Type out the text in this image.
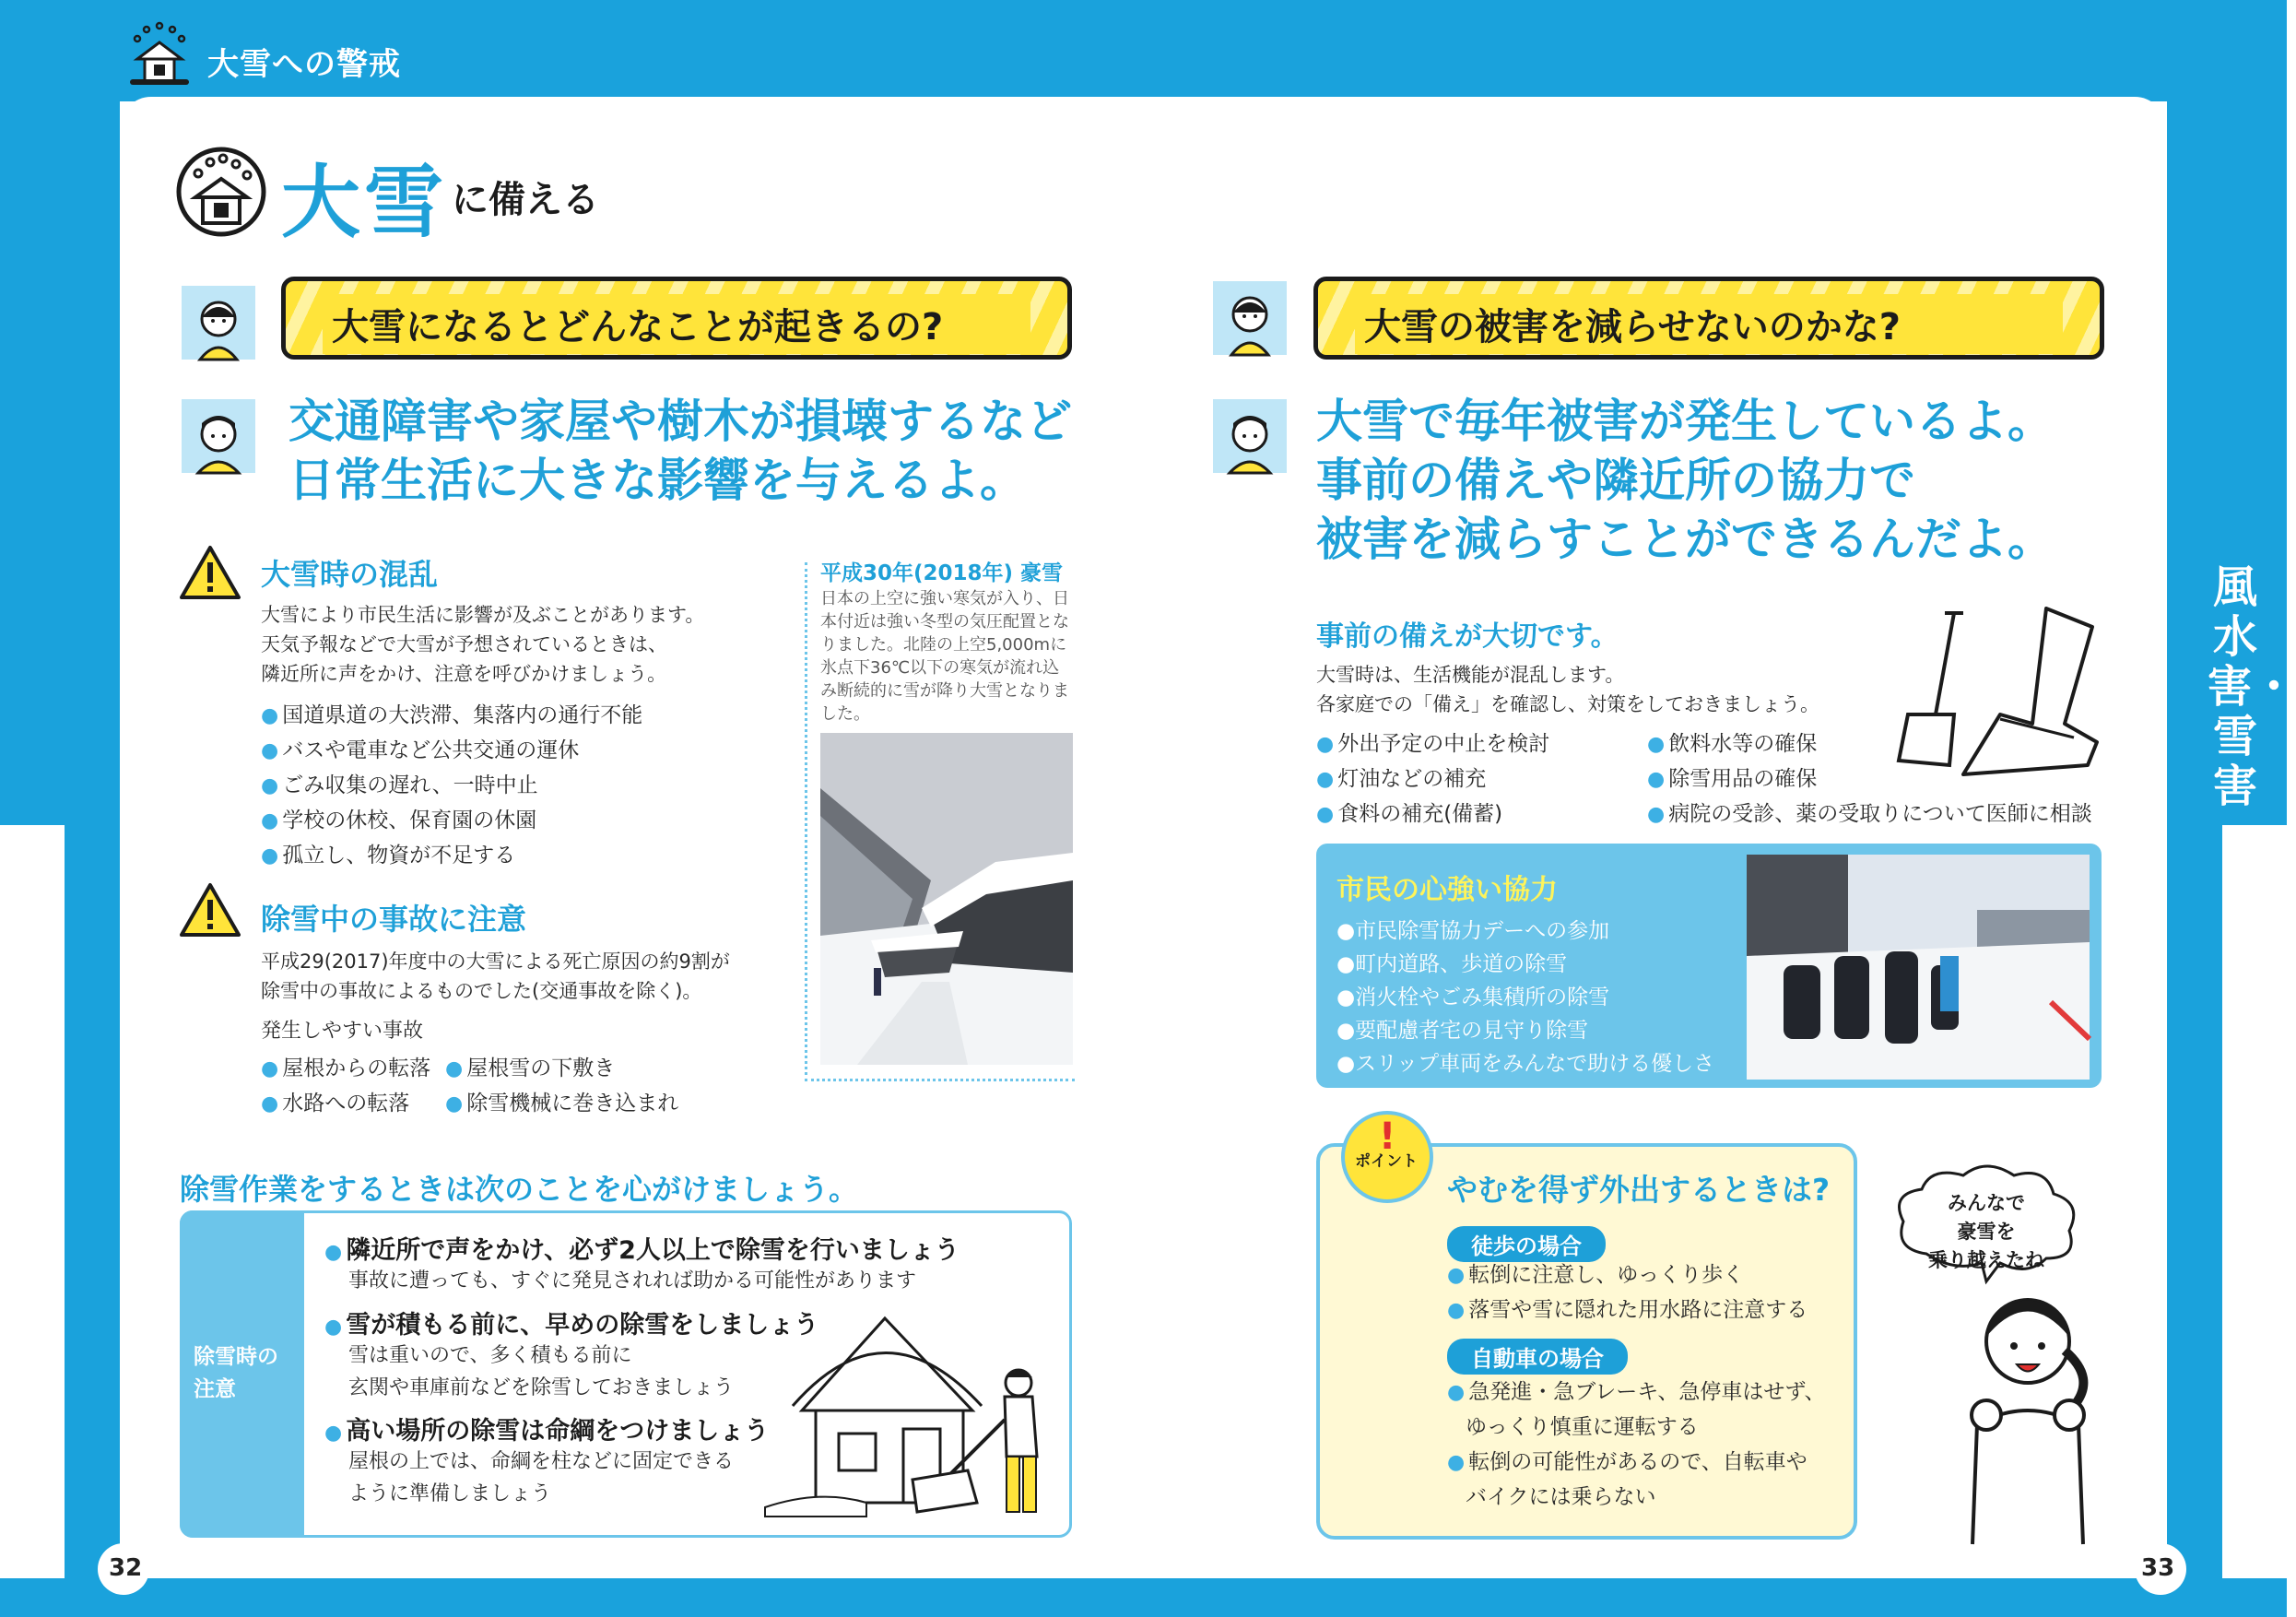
大雪への警戒
32	33
風水害・雪害
大雪 に備える
大雪になるとどんなことが起きるの?
交通障害や家屋や樹木が損壊するなど
日常生活に大きな影響を与えるよ。
大雪時の混乱
大雪により市民生活に影響が及ぶことがあります。
天気予報などで大雪が予想されているときは、
隣近所に声をかけ、注意を呼びかけましょう。
● 国道県道の大渋滞、集落内の通行不能
● バスや電車など公共交通の運休
● ごみ収集の遅れ、一時中止
● 学校の休校、保育園の休園
● 孤立し、物資が不足する
除雪中の事故に注意
平成29(2017)年度中の大雪による死亡原因の約9割が
除雪中の事故によるものでした(交通事故を除く)。
発生しやすい事故
● 屋根からの転落 ● 屋根雪の下敷き
● 水路への転落 ● 除雪機械に巻き込まれ
平成30年(2018年) 豪雪
日本の上空に強い寒気が入り、日本付近は強い冬型の気圧配置となりました。北陸の上空5,000mに氷点下36℃以下の寒気が流れ込み断続的に雪が降り大雪となりました。
除雪作業をするときは次のことを心がけましょう。
除雪時の
注意
● 隣近所で声をかけ、必ず2人以上で除雪を行いましょう
事故に遭っても、すぐに発見されれば助かる可能性があります
● 雪が積もる前に、早めの除雪をしましょう
雪は重いので、多く積もる前に
玄関や車庫前などを除雪しておきましょう
● 高い場所の除雪は命綱をつけましょう
屋根の上では、命綱を柱などに固定できる
ように準備しましょう
大雪の被害を減らせないのかな?
大雪で毎年被害が発生しているよ。
事前の備えや隣近所の協力で
被害を減らすことができるんだよ。
事前の備えが大切です。
大雪時は、生活機能が混乱します。
各家庭での「備え」を確認し、対策をしておきましょう。
● 外出予定の中止を検討
● 灯油などの補充
● 食料の補充(備蓄)
● 飲料水等の確保
● 除雪用品の確保
● 病院の受診、薬の受取りについて医師に相談
市民の心強い協力
●市民除雪協力デーへの参加
●町内道路、歩道の除雪
●消火栓やごみ集積所の除雪
●要配慮者宅の見守り除雪
●スリップ車両をみんなで助ける優しさ
!
ポイント
やむを得ず外出するときは?
徒歩の場合
● 転倒に注意し、ゆっくり歩く
● 落雪や雪に隠れた用水路に注意する
自動車の場合
● 急発進・急ブレーキ、急停車はせず、
ゆっくり慎重に運転する
● 転倒の可能性があるので、自転車や
バイクには乗らない
みんなで
豪雪を
乗り越えたね
